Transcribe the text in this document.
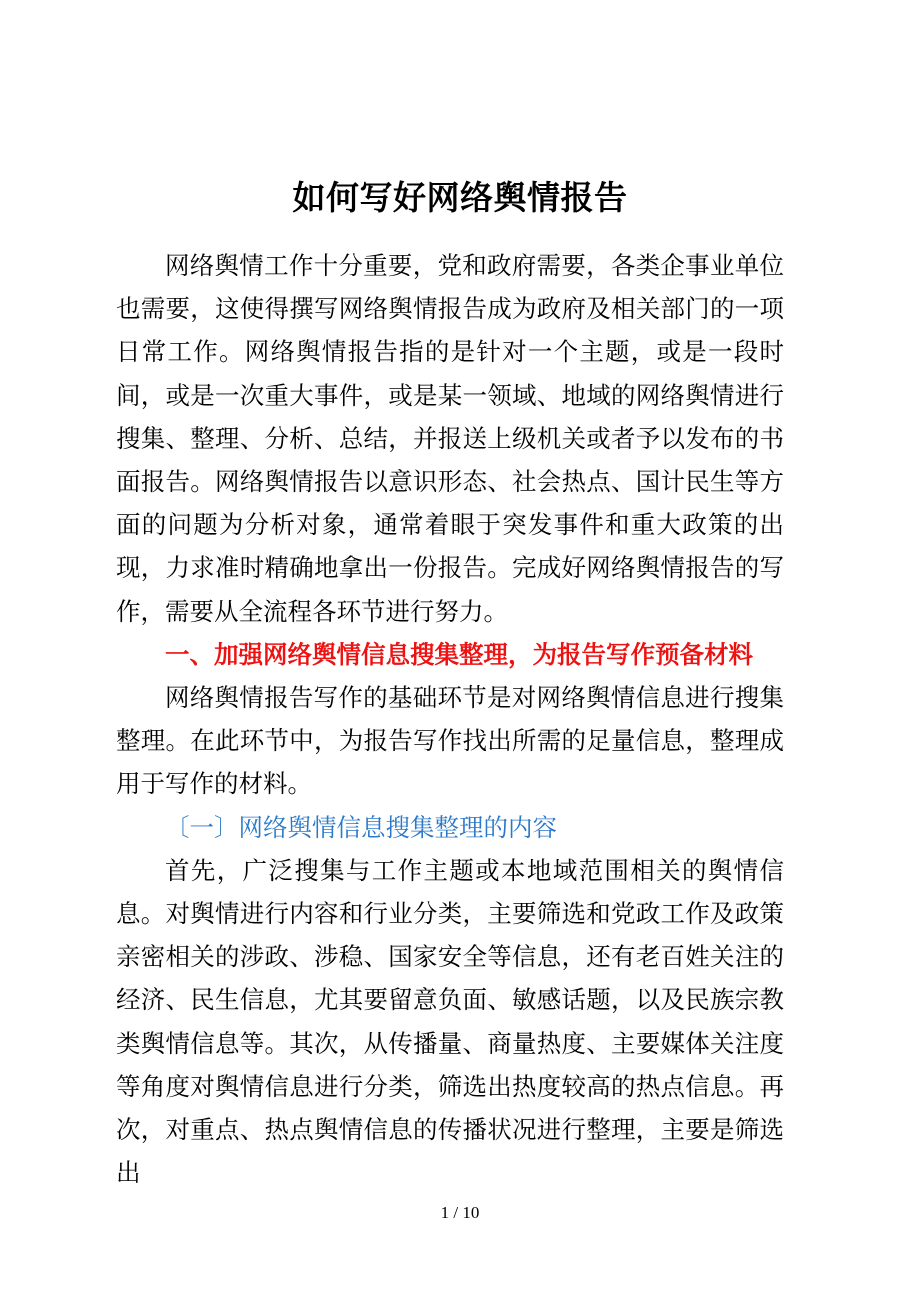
如何写好网络舆情报告

网络舆情工作十分重要，党和政府需要，各类企事业单位也需要，这使得撰写网络舆情报告成为政府及相关部门的一项日常工作。网络舆情报告指的是针对一个主题，或是一段时间，或是一次重大事件，或是某一领域、地域的网络舆情进行搜集、整理、分析、总结，并报送上级机关或者予以发布的书面报告。网络舆情报告以意识形态、社会热点、国计民生等方面的问题为分析对象，通常着眼于突发事件和重大政策的出现，力求准时精确地拿出一份报告。完成好网络舆情报告的写作，需要从全流程各环节进行努力。

一、加强网络舆情信息搜集整理，为报告写作预备材料

网络舆情报告写作的基础环节是对网络舆情信息进行搜集整理。在此环节中，为报告写作找出所需的足量信息，整理成用于写作的材料。

〔一〕网络舆情信息搜集整理的内容

首先，广泛搜集与工作主题或本地域范围相关的舆情信息。对舆情进行内容和行业分类，主要筛选和党政工作及政策亲密相关的涉政、涉稳、国家安全等信息，还有老百姓关注的经济、民生信息，尤其要留意负面、敏感话题，以及民族宗教类舆情信息等。其次，从传播量、商量热度、主要媒体关注度等角度对舆情信息进行分类，筛选出热度较高的热点信息。再次，对重点、热点舆情信息的传播状况进行整理，主要是筛选出

1 / 10
